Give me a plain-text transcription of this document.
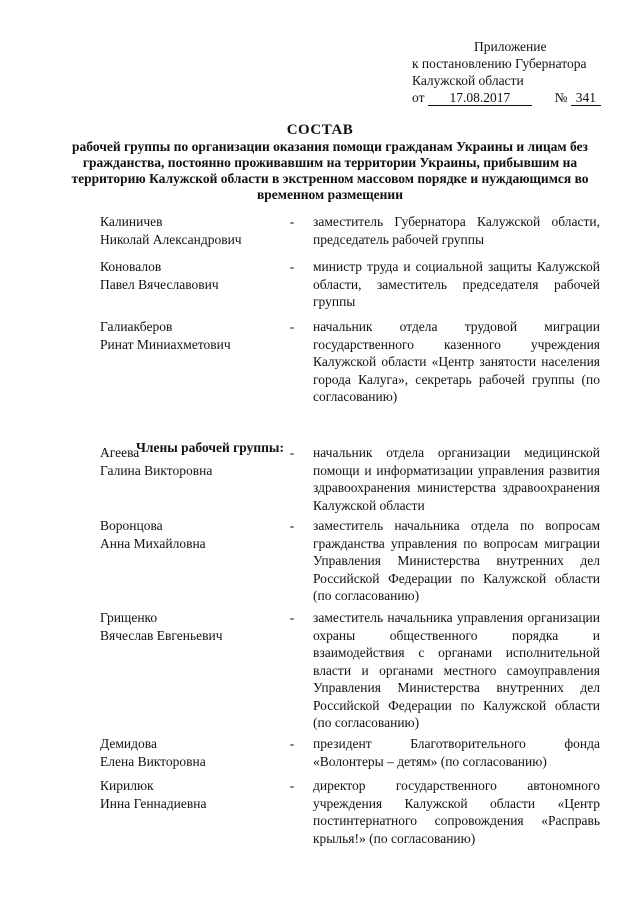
Приложение
к постановлению Губернатора
Калужской области
от 17.08.2017	№ 341
СОСТАВ
рабочей группы по организации оказания помощи гражданам Украины и лицам без гражданства, постоянно проживавшим на территории Украины, прибывшим на территорию Калужской области в экстренном массовом порядке и нуждающимся во временном размещении
Калиничев
Николай Александрович
- заместитель Губернатора Калужской области, председатель рабочей группы
Коновалов
Павел Вячеславович
- министр труда и социальной защиты Калужской области, заместитель председателя рабочей группы
Галиакберов
Ринат Миниахметович
- начальник отдела трудовой миграции государственного казенного учреждения Калужской области «Центр занятости населения города Калуга», секретарь рабочей группы (по согласованию)
Члены рабочей группы:
Агеева
Галина Викторовна
- начальник отдела организации медицинской помощи и информатизации управления развития здравоохранения министерства здравоохранения Калужской области
Воронцова
Анна Михайловна
- заместитель начальника отдела по вопросам гражданства управления по вопросам миграции Управления Министерства внутренних дел Российской Федерации по Калужской области (по согласованию)
Грищенко
Вячеслав Евгеньевич
- заместитель начальника управления организации охраны общественного порядка и взаимодействия с органами исполнительной власти и органами местного самоуправления Управления Министерства внутренних дел Российской Федерации по Калужской области (по согласованию)
Демидова
Елена Викторовна
- президент Благотворительного фонда «Волонтеры – детям» (по согласованию)
Кирилюк
Инна Геннадиевна
- директор государственного автономного учреждения Калужской области «Центр постинтернатного сопровождения «Расправь крылья!» (по согласованию)
